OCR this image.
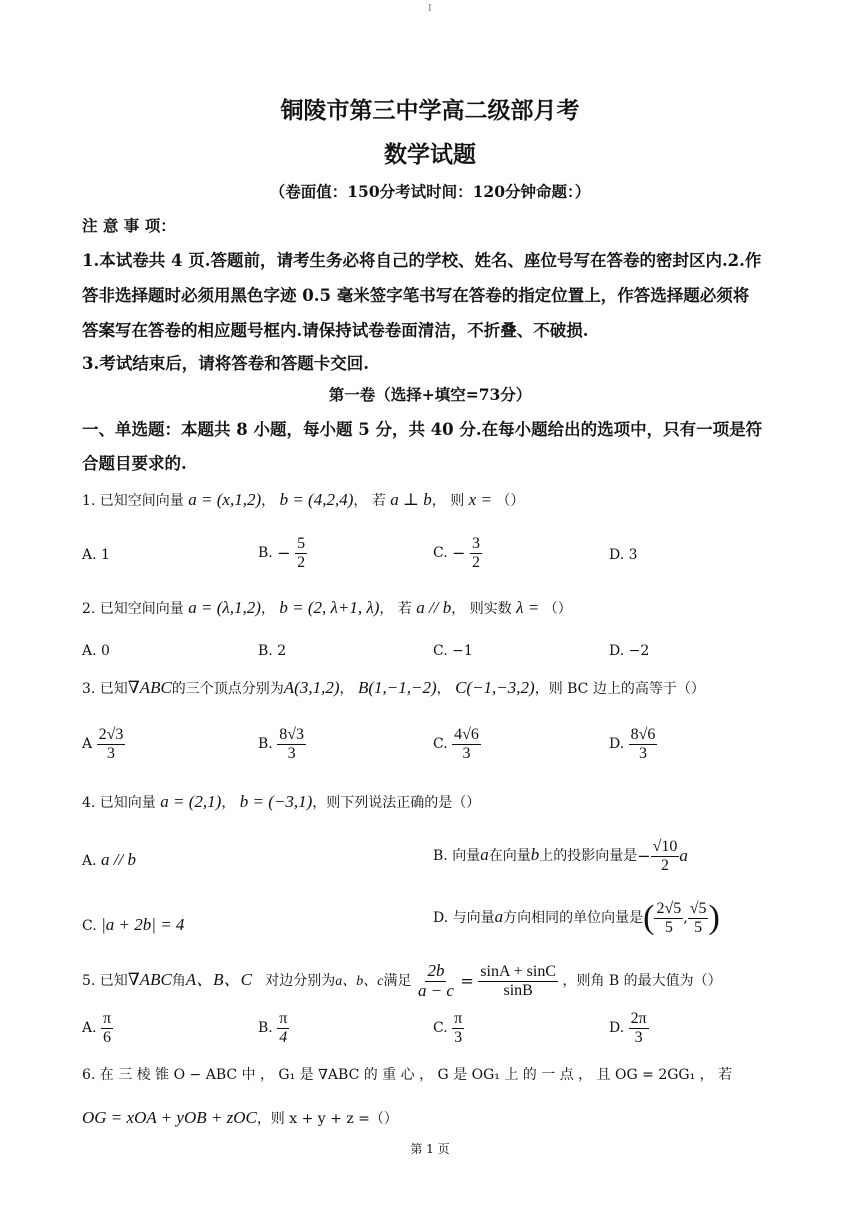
I
铜陵市第三中学高二级部月考
数学试题
（卷面值：150分考试时间：120分钟命题：）
注 意 事 项：
1.本试卷共 4 页.答题前，请考生务必将自己的学校、姓名、座位号写在答卷的密封区内.2.作
答非选择题时必须用黑色字迹 0.5 毫米签字笔书写在答卷的指定位置上，作答选择题必须将
答案写在答卷的相应题号框内.请保持试卷卷面清洁，不折叠、不破损.
3.考试结束后，请将答卷和答题卡交回.
第一卷（选择+填空=73分）
一、单选题：本题共 8 小题，每小题 5 分，共 40 分.在每小题给出的选项中，只有一项是符
合题目要求的.
1. 已知空间向量 a = (x,1,2)， b = (4,2,4)， 若 a ⊥ b， 则 x = （）
A. 1	B. − $\frac{5}{2}$	C. − $\frac{3}{2}$	D. 3
2. 已知空间向量 a = (λ,1,2)， b = (2, λ+1, λ)， 若 a // b， 则实数 λ = （）
A. 0	B. 2	C. −1	D. −2
3. 已知∇ABC的三个顶点分别为A(3,1,2)， B(1,−1,−2)， C(−1,−3,2)，则 BC 边上的高等于（）
A $\frac{2√3}{3}$	B. $\frac{8√3}{3}$	C. $\frac{4√6}{3}$	D. $\frac{8√6}{3}$
4. 已知向量 a = (2,1)， b = (−3,1)，则下列说法正确的是（）
A. a // b	B. 向量a在向量b上的投影向量是− $\frac{√10}{2}$ a
C. |a + 2b| = 4	D. 与向量a方向相同的单位向量是( $\frac{2√5}{5}$ , $\frac{√5}{5}$ )
5. 已知∇ABC角A、B、C 对边分别为a、b、c满足 $\frac{2b}{a - c} = \frac{\sin A + \sin C}{\sin B}$ ，则角 B 的最大值为（）
A. $\frac{\pi}{6}$	B. $\frac{\pi}{4}$	C. $\frac{\pi}{3}$	D. $\frac{2\pi}{3}$
6. 在 三 棱 锥 O − ABC 中 ， G₁ 是 ∇ABC 的 重 心 ， G 是 OG₁ 上 的 一 点 ， 且 OG = 2GG₁ ， 若
OG = xOA + yOB + zOC，则 x + y + z =（）
第 1 页
